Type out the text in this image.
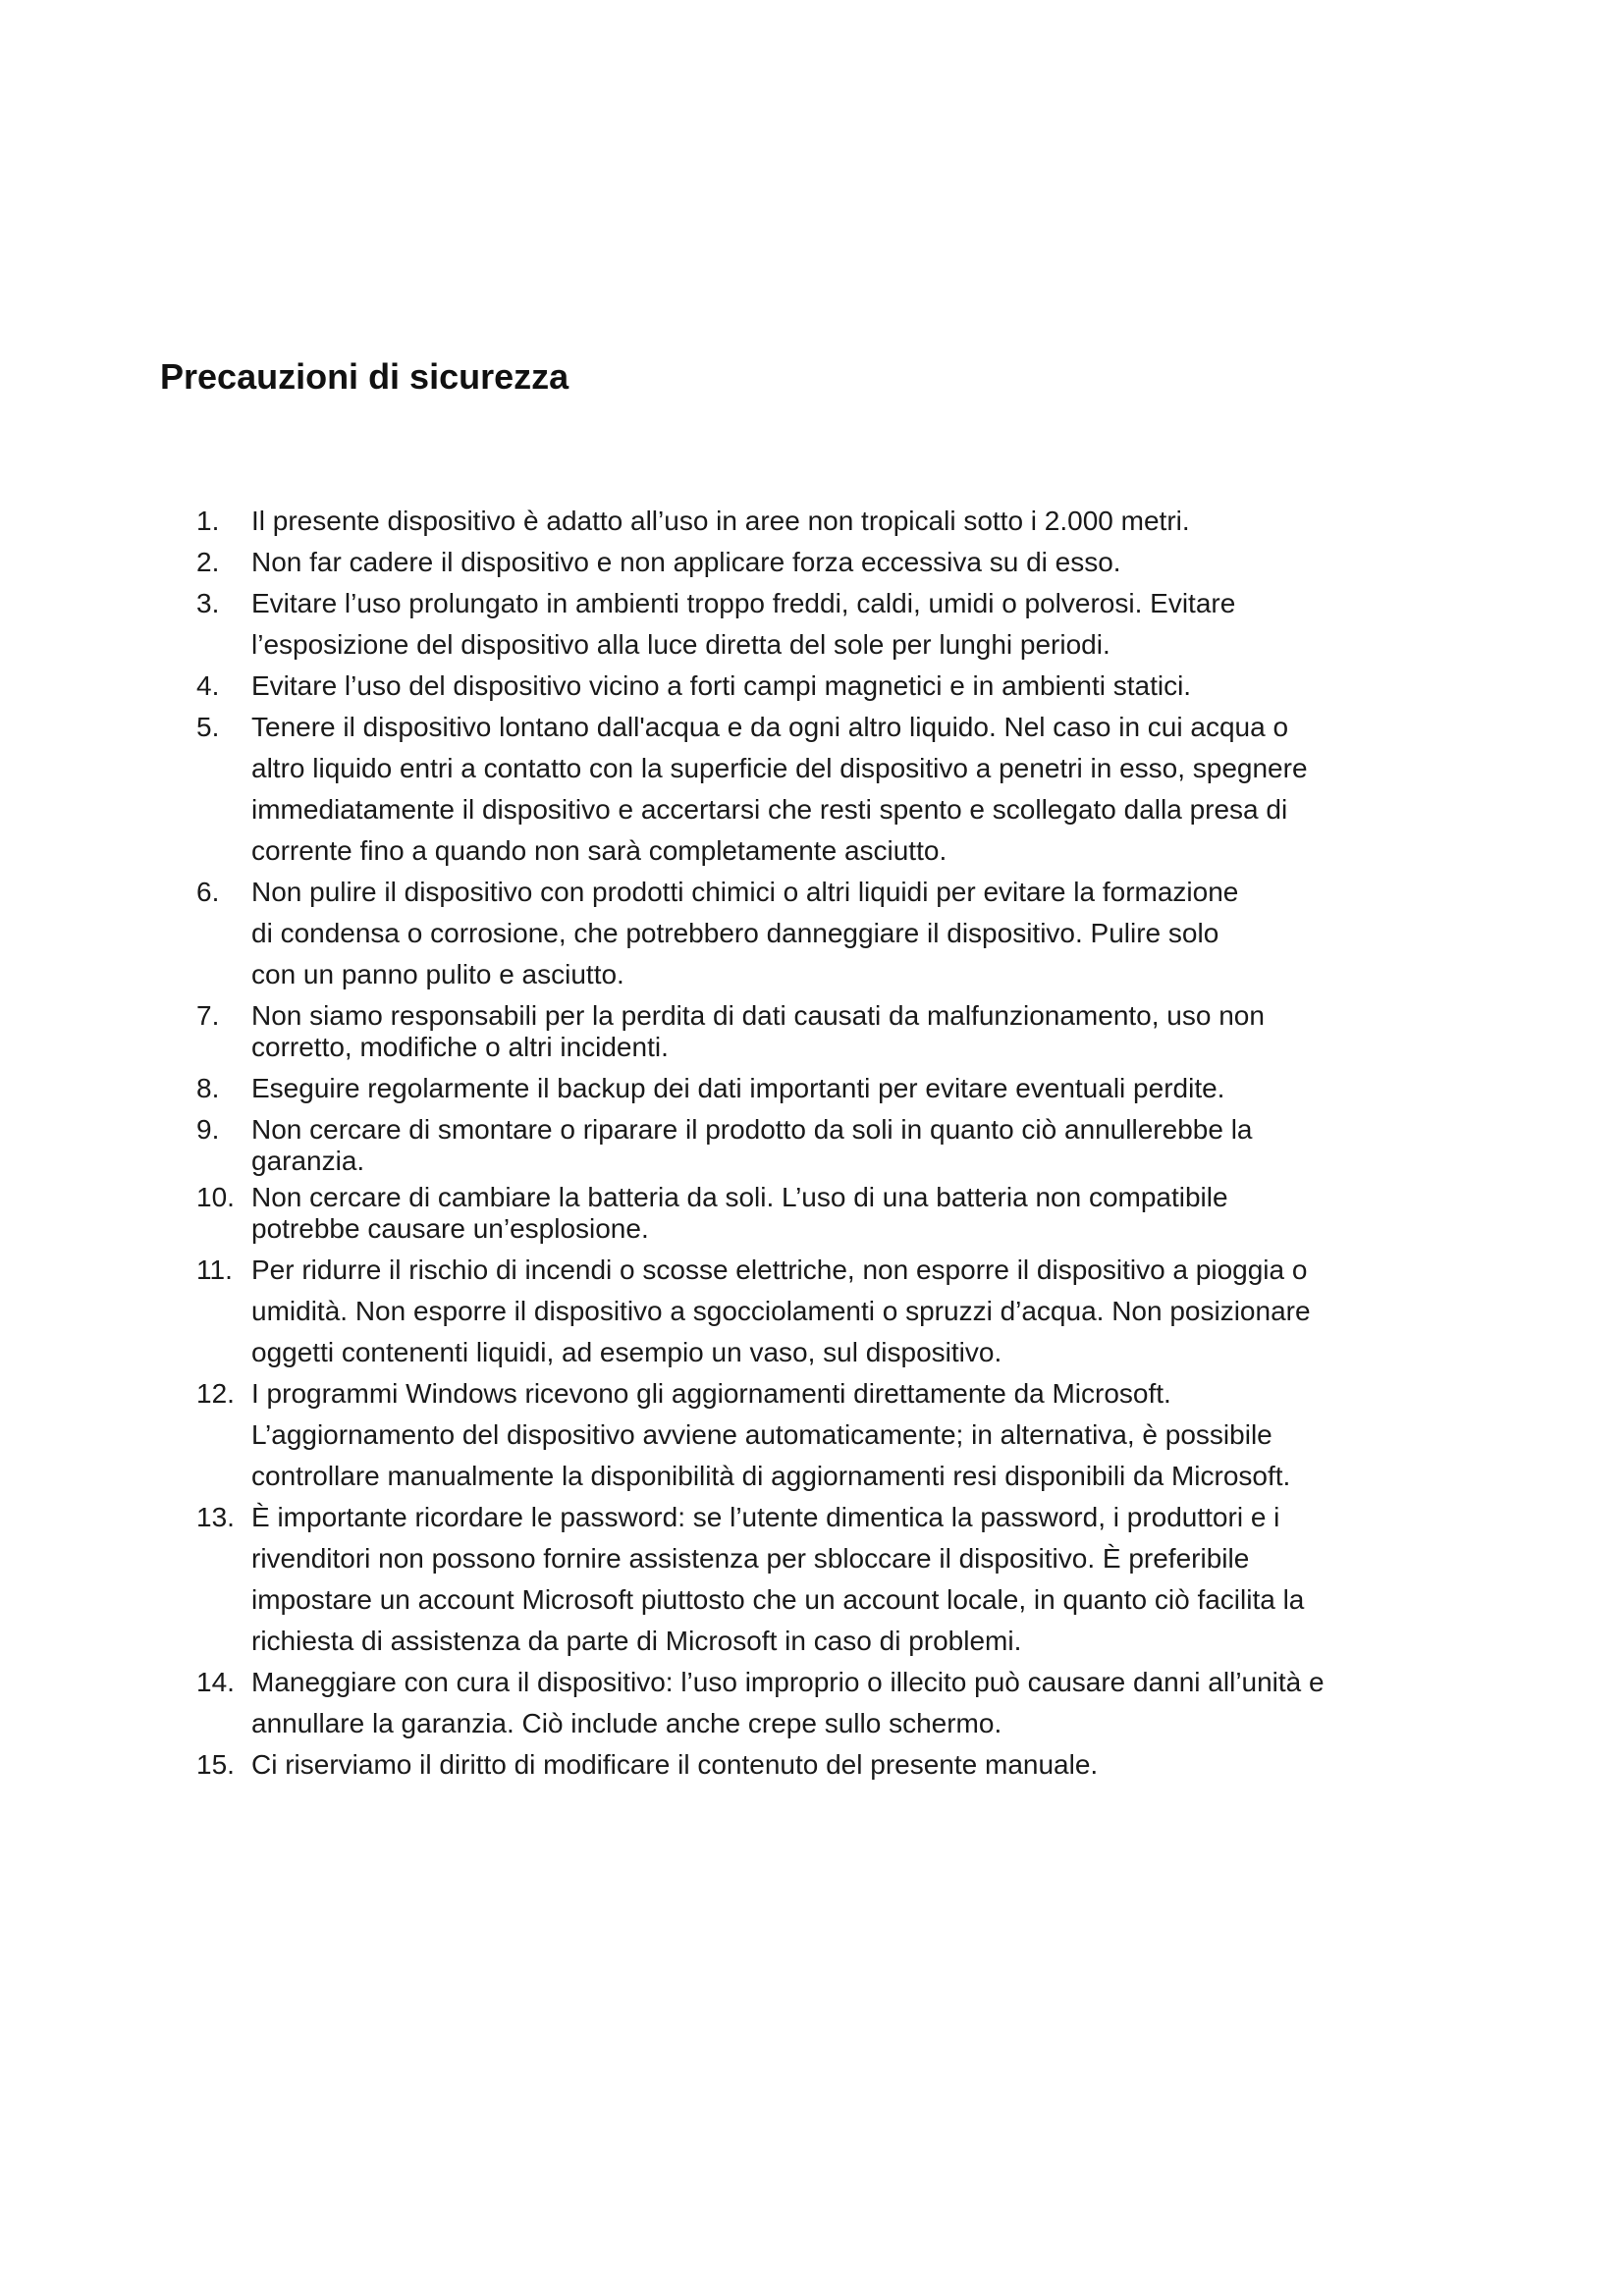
Precauzioni di sicurezza
1.	Il presente dispositivo è adatto all’uso in aree non tropicali sotto i 2.000 metri.
2.	Non far cadere il dispositivo e non applicare forza eccessiva su di esso.
3.	Evitare l’uso prolungato in ambienti troppo freddi, caldi, umidi o polverosi. Evitare
l’esposizione del dispositivo alla luce diretta del sole per lunghi periodi.
4.	Evitare l’uso del dispositivo vicino a forti campi magnetici e in ambienti statici.
5.	Tenere il dispositivo lontano dall'acqua e da ogni altro liquido. Nel caso in cui acqua o
altro liquido entri a contatto con la superficie del dispositivo a penetri in esso, spegnere
immediatamente il dispositivo e accertarsi che resti spento e scollegato dalla presa di
corrente fino a quando non sarà completamente asciutto.
6.	Non pulire il dispositivo con prodotti chimici o altri liquidi per evitare la formazione
di condensa o corrosione, che potrebbero danneggiare il dispositivo. Pulire solo
con un panno pulito e asciutto.
7.	Non siamo responsabili per la perdita di dati causati da malfunzionamento, uso non
corretto, modifiche o altri incidenti.
8.	Eseguire regolarmente il backup dei dati importanti per evitare eventuali perdite.
9.	Non cercare di smontare o riparare il prodotto da soli in quanto ciò annullerebbe la
garanzia.
10. Non cercare di cambiare la batteria da soli. L’uso di una batteria non compatibile
potrebbe causare un’esplosione.
11. Per ridurre il rischio di incendi o scosse elettriche, non esporre il dispositivo a pioggia o
umidità. Non esporre il dispositivo a sgocciolamenti o spruzzi d’acqua. Non posizionare
oggetti contenenti liquidi, ad esempio un vaso, sul dispositivo.
12. I programmi Windows ricevono gli aggiornamenti direttamente da Microsoft.
L’aggiornamento del dispositivo avviene automaticamente; in alternativa, è possibile
controllare manualmente la disponibilità di aggiornamenti resi disponibili da Microsoft.
13. È importante ricordare le password: se l’utente dimentica la password, i produttori e i
rivenditori non possono fornire assistenza per sbloccare il dispositivo. È preferibile
impostare un account Microsoft piuttosto che un account locale, in quanto ciò facilita la
richiesta di assistenza da parte di Microsoft in caso di problemi.
14. Maneggiare con cura il dispositivo: l’uso improprio o illecito può causare danni all’unità e
annullare la garanzia. Ciò include anche crepe sullo schermo.
15. Ci riserviamo il diritto di modificare il contenuto del presente manuale.
